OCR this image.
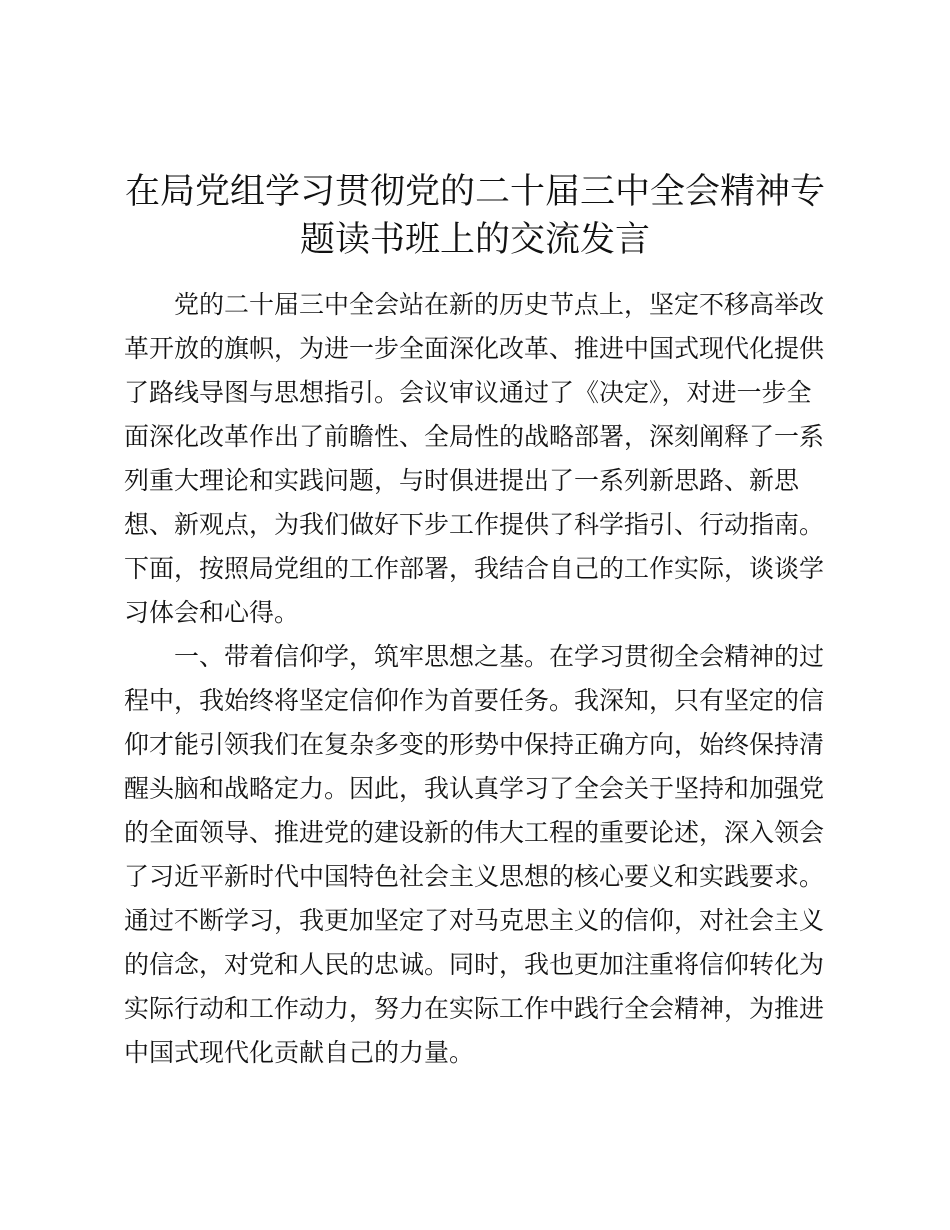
在局党组学习贯彻党的二十届三中全会精神专
题读书班上的交流发言

党的二十届三中全会站在新的历史节点上，坚定不移高举改
革开放的旗帜，为进一步全面深化改革、推进中国式现代化提供
了路线导图与思想指引。会议审议通过了《决定》，对进一步全
面深化改革作出了前瞻性、全局性的战略部署，深刻阐释了一系
列重大理论和实践问题，与时俱进提出了一系列新思路、新思
想、新观点，为我们做好下步工作提供了科学指引、行动指南。
下面，按照局党组的工作部署，我结合自己的工作实际，谈谈学
习体会和心得。

一、带着信仰学，筑牢思想之基。在学习贯彻全会精神的过
程中，我始终将坚定信仰作为首要任务。我深知，只有坚定的信
仰才能引领我们在复杂多变的形势中保持正确方向，始终保持清
醒头脑和战略定力。因此，我认真学习了全会关于坚持和加强党
的全面领导、推进党的建设新的伟大工程的重要论述，深入领会
了习近平新时代中国特色社会主义思想的核心要义和实践要求。
通过不断学习，我更加坚定了对马克思主义的信仰，对社会主义
的信念，对党和人民的忠诚。同时，我也更加注重将信仰转化为
实际行动和工作动力，努力在实际工作中践行全会精神，为推进
中国式现代化贡献自己的力量。
